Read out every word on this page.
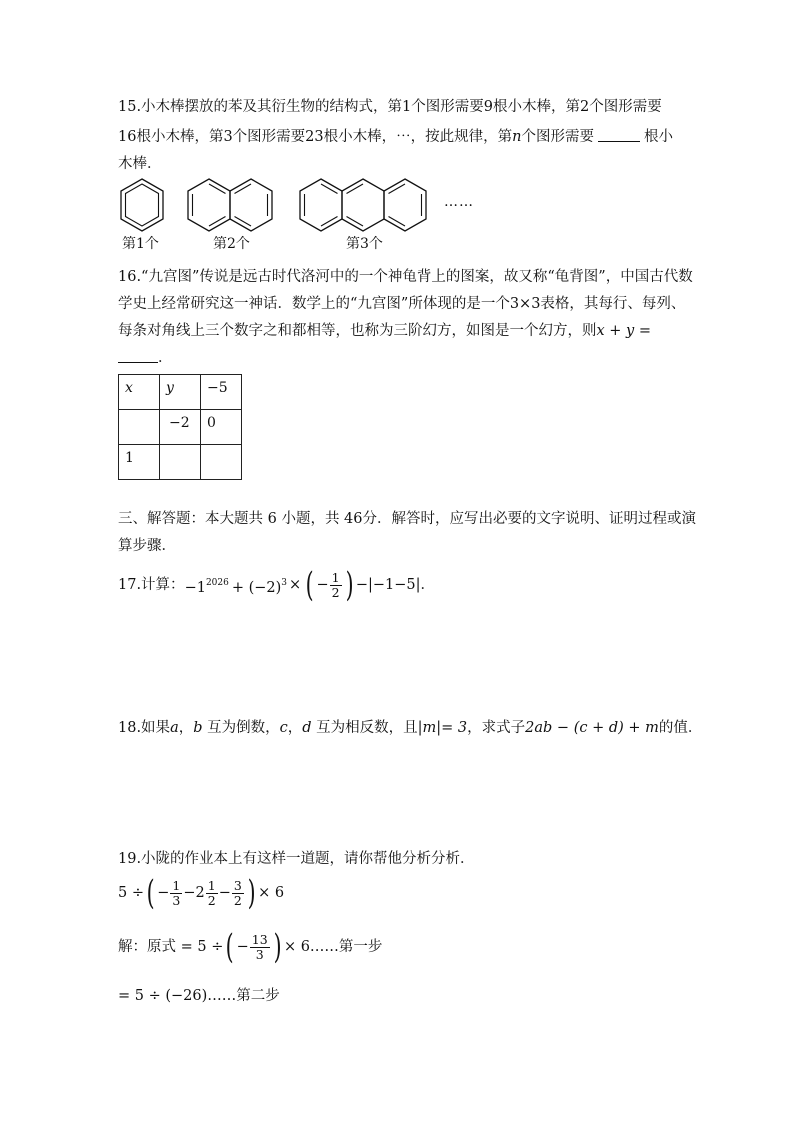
15.小木棒摆放的苯及其衍生物的结构式，第1个图形需要9根小木棒，第2个图形需要
16根小木棒，第3个图形需要23根小木棒，⋯，按此规律，第n个图形需要	根小
木棒．
……
第1个	第2个	第3个
16.“九宫图”传说是远古时代洛河中的一个神龟背上的图案，故又称“龟背图”，中国古代数
学史上经常研究这一神话．数学上的“九宫图”所体现的是一个3×3表格，其每行、每列、
每条对角线上三个数字之和都相等，也称为三阶幻方，如图是一个幻方，则x + y =
．
x	y	−5
	−2	0
1		
三、解答题：本大题共 6 小题，共 46分．解答时，应写出必要的文字说明、证明过程或演
算步骤．
17.计算： $-1^{2026} + (-2)^3$ × ( − $\frac{1}{2}$ ) −|−1−5|．
18.如果a，b 互为倒数，c，d 互为相反数，且|m|= 3，求式子2ab − (c + d) + m的值．
19.小陇的作业本上有这样一道题，请你帮他分析分析．
5 ÷ ( − $\frac{1}{3} - 2 \frac{1}{2} - \frac{3}{2}$ ) × 6
解：原式 = 5 ÷ ( − $\frac{13}{3}$ ) × 6……第一步
= 5 ÷ (−26)……第二步
